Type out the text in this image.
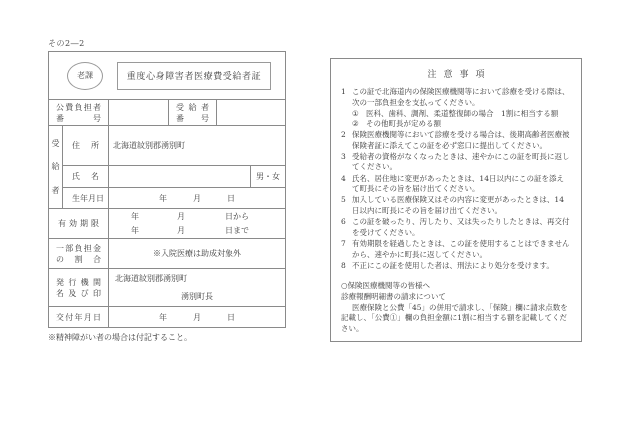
その2―2
老課	重度心身障害者医療費受給者証
公 費 負 担 者
番	号
受 給 者
番 号
受
給
者
住 所	北海道紋別郡湧別町
氏 名	男・女
生 年 月 日	年	月	日
有 効 期 限
年	月	日から
年	月	日まで
一 部 負 担 金
の 割 合
※入院医療は助成対象外
発 行 機 関
名 及 び 印
北海道紋別郡湧別町
湧別町長
交 付 年 月 日	年	月	日
※精神障がい者の場合は付記すること。
注意事項
1 この証で北海道内の保険医療機関等において診療を受ける際は、次の一部負担金を支払ってください。
① 医科、歯科、調剤、柔道整復師の場合　1割に相当する額
② その他町長が定める額
2 保険医療機関等において診療を受ける場合は、後期高齢者医療被保険者証に添えてこの証を必ず窓口に提出してください。
3 受給者の資格がなくなったときは、速やかにこの証を町長に返してください。
4 氏名、居住地に変更があったときは、14日以内にこの証を添えて町長にその旨を届け出てください。
5 加入している医療保険又はその内容に変更があったときは、14日以内に町長にその旨を届け出てください。
6 この証を破ったり、汚したり、又は失ったりしたときは、再交付を受けてください。
7 有効期限を経過したときは、この証を使用することはできませんから、速やかに町長に返してください。
8 不正にこの証を使用した者は、刑法により処分を受けます。
○保険医療機関等の皆様へ
診療報酬明細書の請求について
医療保険と公費「45」の併用で請求し、「保険」欄に請求点数を記載し、「公費①」欄の負担金額に1割に相当する額を記載してください。
